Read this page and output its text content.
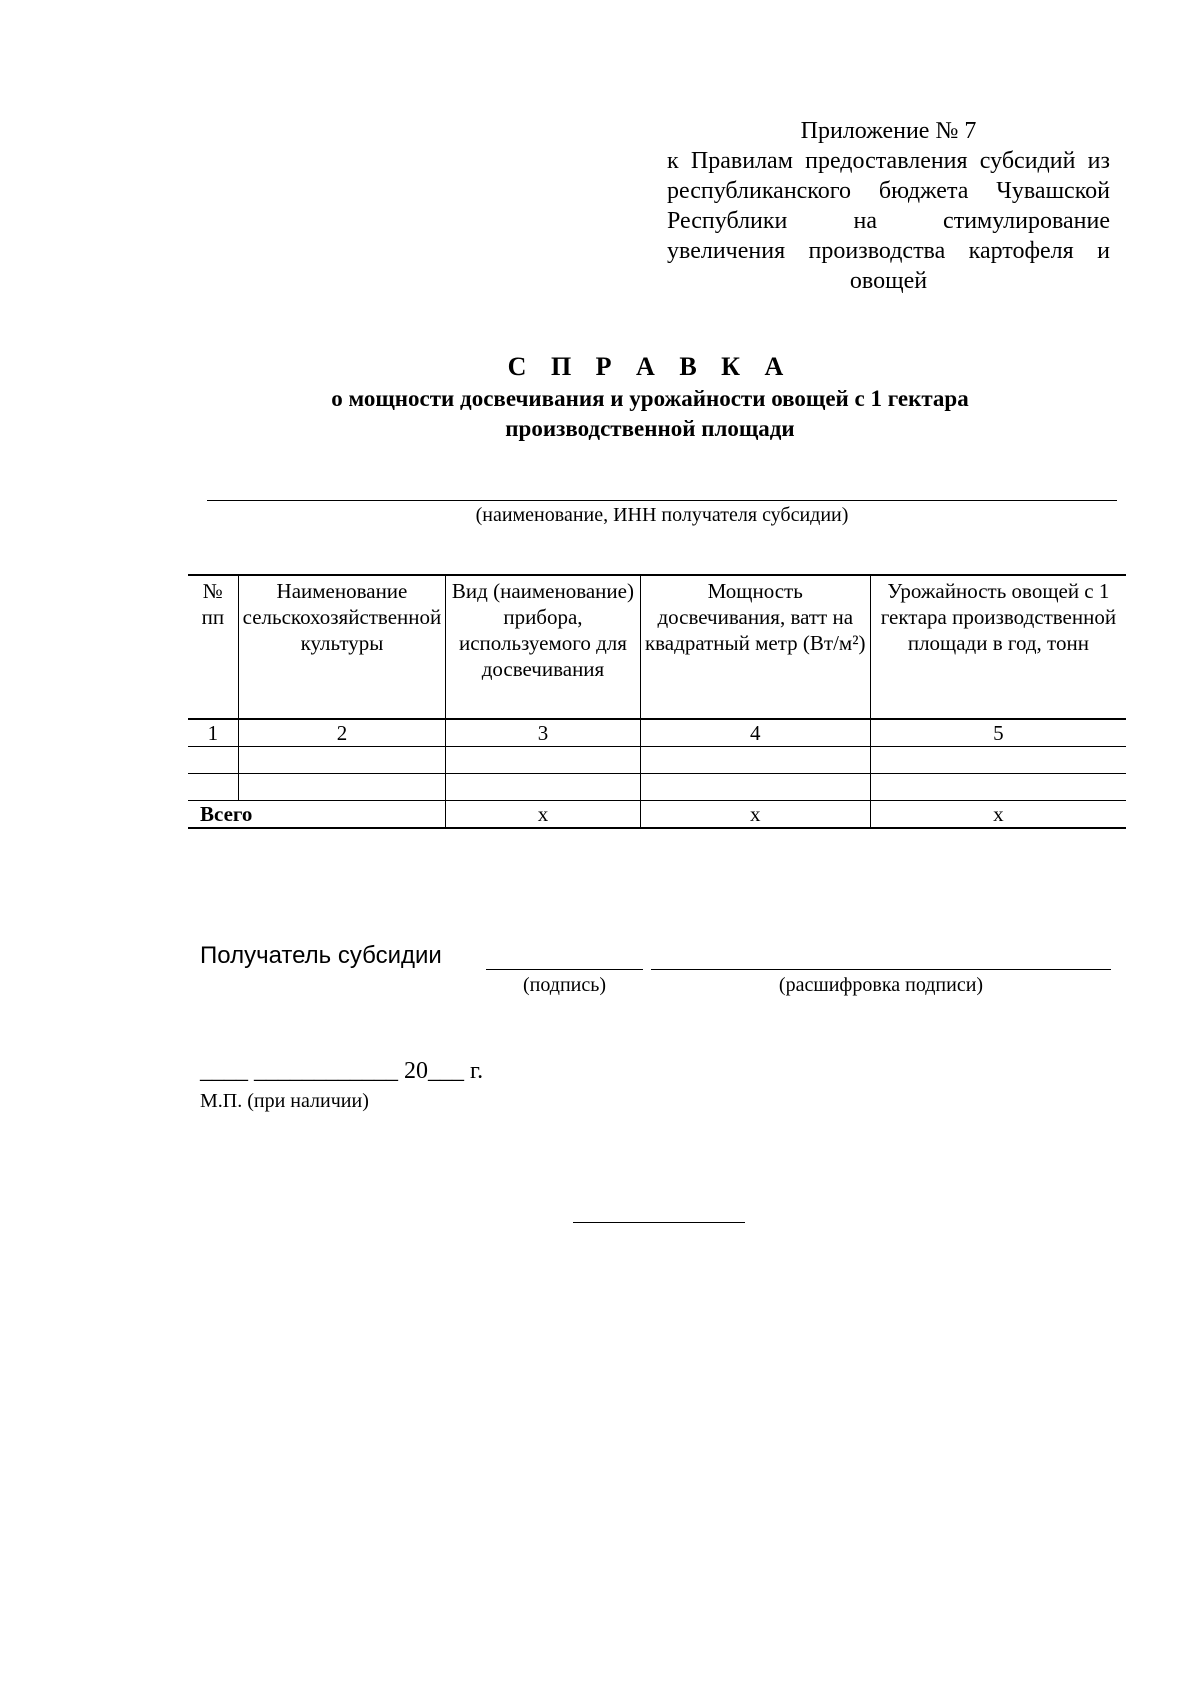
Приложение № 7
к Правилам предоставления субсидий из республиканского бюджета Чувашской Республики на стимулирование увеличения производства картофеля и овощей
С П Р А В К А
о мощности досвечивания и урожайности овощей с 1 гектара
производственной площади
(наименование, ИНН получателя субсидии)
№ пп	Наименование сельскохозяйственной культуры	Вид (наименование) прибора, используемого для досвечивания	Мощность досвечивания, ватт на квадратный метр (Вт/м²)	Урожайность овощей с 1 гектара производственной площади в год, тонн
1	2	3	4	5

Всего		x	x	x
Получатель субсидии
(подпись)	(расшифровка подписи)
____ ____________ 20___ г.
М.П. (при наличии)
